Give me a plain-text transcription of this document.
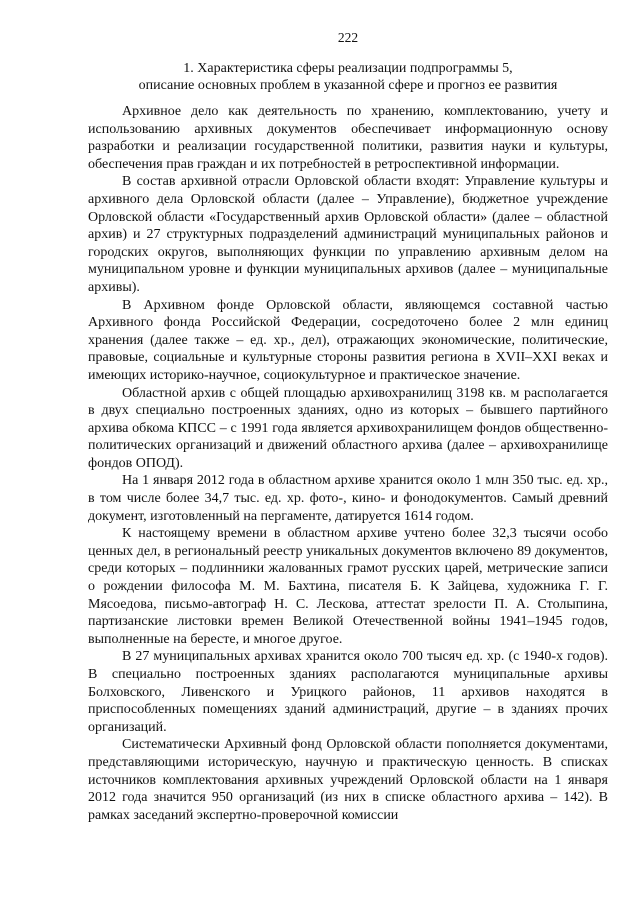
222
1. Характеристика сферы реализации подпрограммы 5,
описание основных проблем в указанной сфере и прогноз ее развития

Архивное дело как деятельность по хранению, комплектованию, учету и использованию архивных документов обеспечивает информационную основу разработки и реализации государственной политики, развития науки и культуры, обеспечения прав граждан и их потребностей в ретроспективной информации.

В состав архивной отрасли Орловской области входят: Управление культуры и архивного дела Орловской области (далее – Управление), бюджетное учреждение Орловской области «Государственный архив Орловской области» (далее – областной архив) и 27 структурных подразделений администраций муниципальных районов и городских округов, выполняющих функции по управлению архивным делом на муниципальном уровне и функции муниципальных архивов (далее – муниципальные архивы).

В Архивном фонде Орловской области, являющемся составной частью Архивного фонда Российской Федерации, сосредоточено более 2 млн единиц хранения (далее также – ед. хр., дел), отражающих экономические, политические, правовые, социальные и культурные стороны развития региона в XVII–XXI веках и имеющих историко-научное, социокультурное и практическое значение.

Областной архив с общей площадью архивохранилищ 3198 кв. м располагается в двух специально построенных зданиях, одно из которых – бывшего партийного архива обкома КПСС – с 1991 года является архивохранилищем фондов общественно-политических организаций и движений областного архива (далее – архивохранилище фондов ОПОД).

На 1 января 2012 года в областном архиве хранится около 1 млн 350 тыс. ед. хр., в том числе более 34,7 тыс. ед. хр. фото-, кино- и фонодокументов. Самый древний документ, изготовленный на пергаменте, датируется 1614 годом.

К настоящему времени в областном архиве учтено более 32,3 тысячи особо ценных дел, в региональный реестр уникальных документов включено 89 документов, среди которых – подлинники жалованных грамот русских царей, метрические записи о рождении философа М. М. Бахтина, писателя Б. К Зайцева, художника Г. Г. Мясоедова, письмо-автограф Н. С. Лескова, аттестат зрелости П. А. Столыпина, партизанские листовки времен Великой Отечественной войны 1941–1945 годов, выполненные на бересте, и многое другое.

В 27 муниципальных архивах хранится около 700 тысяч ед. хр. (с 1940-х годов). В специально построенных зданиях располагаются муниципальные архивы Болховского, Ливенского и Урицкого районов, 11 архивов находятся в приспособленных помещениях зданий администраций, другие – в зданиях прочих организаций.

Систематически Архивный фонд Орловской области пополняется документами, представляющими историческую, научную и практическую ценность. В списках источников комплектования архивных учреждений Орловской области на 1 января 2012 года значится 950 организаций (из них в списке областного архива – 142). В рамках заседаний экспертно-проверочной комиссии
